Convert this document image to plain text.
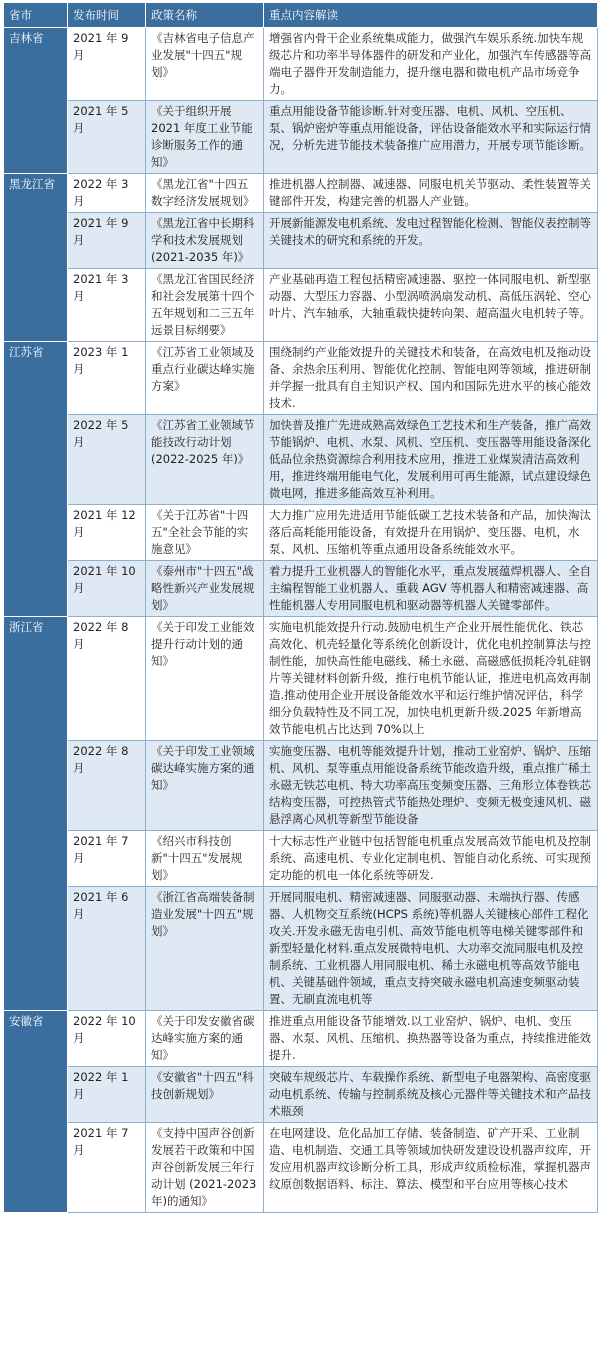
省市	发布时间	政策名称	重点内容解读
吉林省	2021 年 9 月	《吉林省电子信息产业发展"十四五"规划》	增强省内骨干企业系统集成能力，做强汽车娱乐系统.加快车规级芯片和功率半导体器件的研发和产业化，加强汽车传感器等高端电子器件开发制造能力，提升继电器和微电机产品市场竞争力。
	2021 年 5 月	《关于组织开展 2021 年度工业节能诊断服务工作的通知》	重点用能设备节能诊断.针对变压器、电机、风机、空压机、泵、锅炉密炉等重点用能设备，评估设备能效水平和实际运行情况，分析先进节能技术装备推广应用潜力，开展专项节能诊断。
黑龙江省	2022 年 3 月	《黑龙江省"十四五数字经济发展规划》	推进机器人控制器、减速器、同服电机关节驱动、柔性装置等关键部件开发，构建完善的机器人产业链。
	2021 年 9 月	《黑龙江省中长期科学和技术发展规划 (2021-2035 年)》	开展新能源发电机系统、发电过程智能化检测、智能仪表控制等关键技术的研究和系统的开发。
	2021 年 3 月	《黑龙江省国民经济和社会发展第十四个五年规划和二三五年远景目标纲要》	产业基础再造工程包括精密减速器、驱控一体同服电机、新型驱动器、大型压力容器、小型涡喷涡扇发动机、高低压涡轮、空心叶片、汽车轴承，大轴重载快捷转向架、超高温火电机转子等。
江苏省	2023 年 1 月	《江苏省工业领域及重点行业碳达峰实施方案》	围绕制约产业能效提升的关键技术和装备，在高效电机及拖动设备、余热余压利用、智能优化控制、智能电网等领域，推进研制并学握一批具有自主知识产权、国内和国际先进水平的核心能效技术.
	2022 年 5 月	《江苏省工业领域节能技改行动计划(2022-2025 年)》	加快普及推广先进成熟高效绿色工艺技术和生产装备，推广高效节能锅炉、电机、水泵、风机、空压机、变压器等用能设备深化低品位余热资源综合利用技术应用，推进工业煤炭清洁高效利用，推进终端用能电气化，发展利用可再生能源，试点建设绿色微电网，推进多能高效互补利用。
	2021 年 12 月	《关于江苏省"十四五"全社会节能的实施意见》	大力推广应用先进适用节能低碳工艺技术装备和产品，加快淘汰落后高耗能用能设备，有效提升在用锅炉、变压器、电机，水泵、风机、压缩机等重点通用设备系统能效水平。
	2021 年 10 月	《泰州市"十四五"战略性新兴产业发展规划》	着力提升工业机器人的智能化水平，重点发展蕴焊机器人、全自主编程智能工业机器人、重载 AGV 等机器人和精密减速器、高性能机器人专用同服电机和驱动器等机器人关键零部件。
浙江省	2022 年 8 月	《关于印发工业能效提升行动计划的通知》	实施电机能效提升行动.鼓励电机生产企业开展性能优化、铁芯高效化、机壳轻量化等系统化创新设计，优化电机控制算法与控制性能，加快高性能电磁线、稀土永磁、高磁感低损耗冷轧硅钢片等关键材料创新升级，推行电机节能认证，推进电机高效再制造.推动使用企业开展设备能效水平和运行维护情况评估，科学细分负载特性及不同工况，加快电机更新升级.2025 年新增高效节能电机占比达到 70%以上
	2022 年 8 月	《关于印发工业领域碳达峰实施方案的通知》	实施变压器、电机等能效提升计划，推动工业窑炉、锅炉、压缩机、风机、泵等重点用能设备系统节能改造升级，重点推广稀土永磁无铁芯电机、特大功率高压变频变压器、三角形立体卷铁芯结构变压器，可控热管式节能热处理炉、变频无极变速风机、磁悬浮离心风机等新型节能设备
	2021 年 7 月	《绍兴市科技创新"十四五"发展规划》	十大标志性产业链中包括智能电机重点发展高效节能电机及控制系统、高速电机、专业化定制电机、智能自动化系统、可实现预定功能的机电一体化系统等研发.
	2021 年 6 月	《浙江省高端装备制造业发展"十四五"规划》	开展同服电机、精密减速器、同服驱动器、未端执行器、传感器、人机物交互系统(HCPS 系统)等机器人关键核心部件工程化攻关.开发永磁无齿电引机、高效节能电机等电梯关键零部件和新型轻量化材料.重点发展微特电机、大功率交流同服电机及控制系统、工业机器人用同服电机、稀土永磁电机等高效节能电机、关键基础件领域，重点支持突破永磁电机高速变频驱动装置、无刷直流电机等
安徽省	2022 年 10 月	《关于印发安徽省碳达峰实施方案的通知》	推进重点用能设备节能增效.以工业窑炉、锅炉、电机、变压器、水泵、风机、压缩机、换热器等设备为重点，持续推进能效提升.
	2022 年 1 月	《安徽省"十四五"科技创新规划》	突破车规级芯片、车载操作系统、新型电子电器架构、高密度驱动电机系统、传输与控制系统及核心元器件等关键技术和产品技术瓶颈
	2021 年 7 月	《支持中国声谷创新发展若干政策和中国声谷创新发展三年行动计划 (2021-2023 年)的通知》	在电网建设、危化品加工存储、装备制造、矿产开采、工业制造、电机制造、交通工具等领域加快研发建设设机器声纹库，开发应用机器声纹诊断分析工具，形成声纹质检标准，掌握机器声纹原创数据语料、标注、算法、模型和平台应用等核心技术
